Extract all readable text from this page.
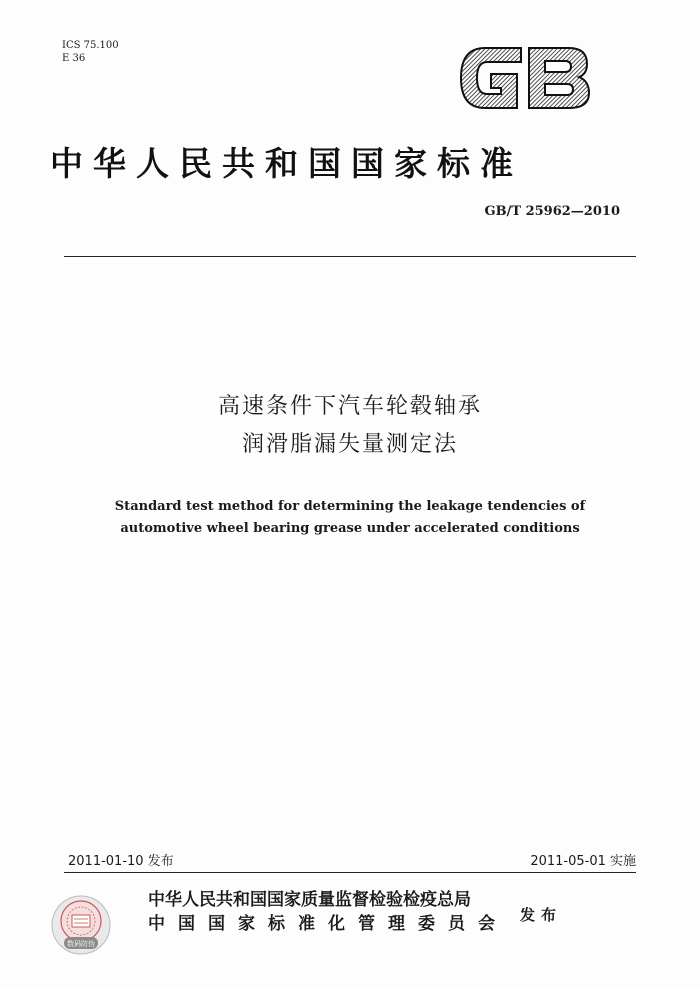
ICS 75.100
E 36
中华人民共和国国家标准
GB/T 25962—2010
高速条件下汽车轮毂轴承
润滑脂漏失量测定法
Standard test method for determining the leakage tendencies of
automotive wheel bearing grease under accelerated conditions
2011-01-10 发布	2011-05-01 实施
数码防伪
中华人民共和国国家质量监督检验检疫总局
中国国家标准化管理委员会 发布
